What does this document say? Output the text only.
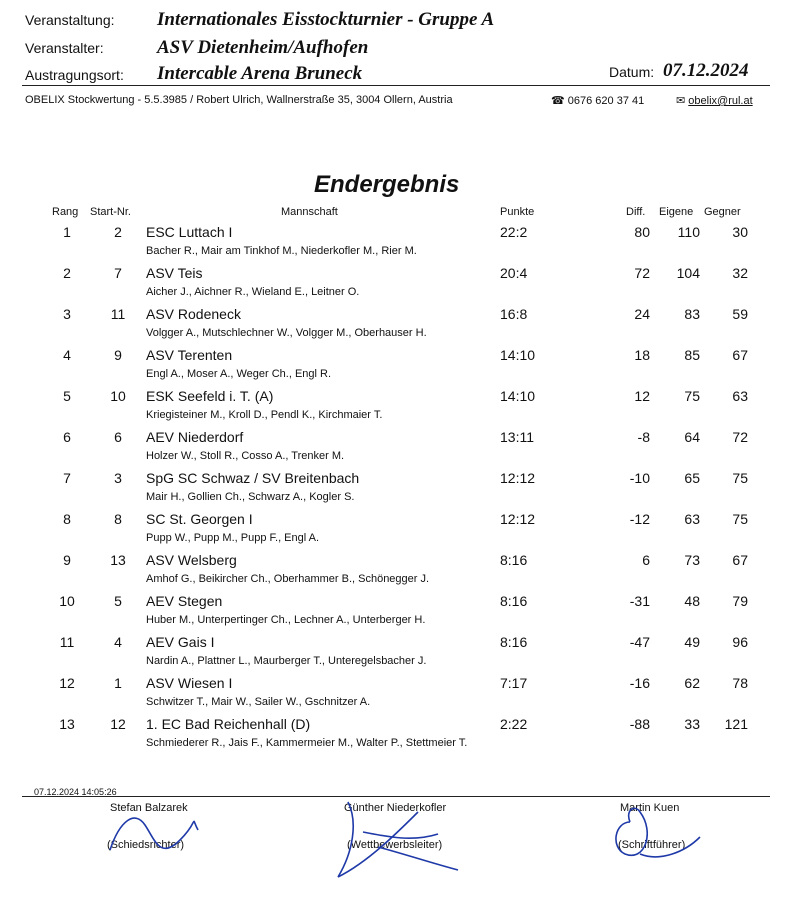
Veranstaltung: Internationales Eisstockturnier - Gruppe A
Veranstalter:	ASV Dietenheim/Aufhofen
Austragungsort: Intercable Arena Bruneck	Datum: 07.12.2024
OBELIX Stockwertung - 5.5.3985 / Robert Ulrich, Wallnerstraße 35, 3004 Ollern, Austria	☎ 0676 620 37 41	✉ obelix@rul.at
Endergebnis
Rang Start-Nr.	Mannschaft	Punkte	Diff. Eigene Gegner
1	2	ESC Luttach I
Bacher R., Mair am Tinkhof M., Niederkofler M., Rier M.
22:2	80	110	30
2	7	ASV Teis
Aicher J., Aichner R., Wieland E., Leitner O.
20:4	72	104	32
3	11 ASV Rodeneck
Volgger A., Mutschlechner W., Volgger M., Oberhauser H.
16:8	24	83	59
4	9	ASV Terenten
Engl A., Moser A., Weger Ch., Engl R.
14:10	18	85	67
5	10 ESK Seefeld i. T. (A)
Kriegisteiner M., Kroll D., Pendl K., Kirchmaier T.
14:10	12	75	63
6	6	AEV Niederdorf
Holzer W., Stoll R., Cosso A., Trenker M.
13:11	-8	64	72
7	3	SpG SC Schwaz / SV Breitenbach
Mair H., Gollien Ch., Schwarz A., Kogler S.
12:12	-10	65	75
8	8	SC St. Georgen I
Pupp W., Pupp M., Pupp F., Engl A.
12:12	-12	63	75
9	13 ASV Welsberg
Amhof G., Beikircher Ch., Oberhammer B., Schönegger J.
8:16	6	73	67
10	5	AEV Stegen
Huber M., Unterpertinger Ch., Lechner A., Unterberger H.
8:16	-31	48	79
11	4	AEV Gais I
Nardin A., Plattner L., Maurberger T., Unteregelsbacher J.
8:16	-47	49	96
12	1	ASV Wiesen I
Schwitzer T., Mair W., Sailer W., Gschnitzer A.
7:17	-16	62	78
13	12 1. EC Bad Reichenhall (D)
Schmiederer R., Jais F., Kammermeier M., Walter P., Stettmeier T.
2:22	-88	33	121
07.12.2024 14:05:26
Stefan Balzarek
(Schiedsrichter)
Günther Niederkofler
(Wettbewerbsleiter)
Martin Kuen
(Schriftführer)
